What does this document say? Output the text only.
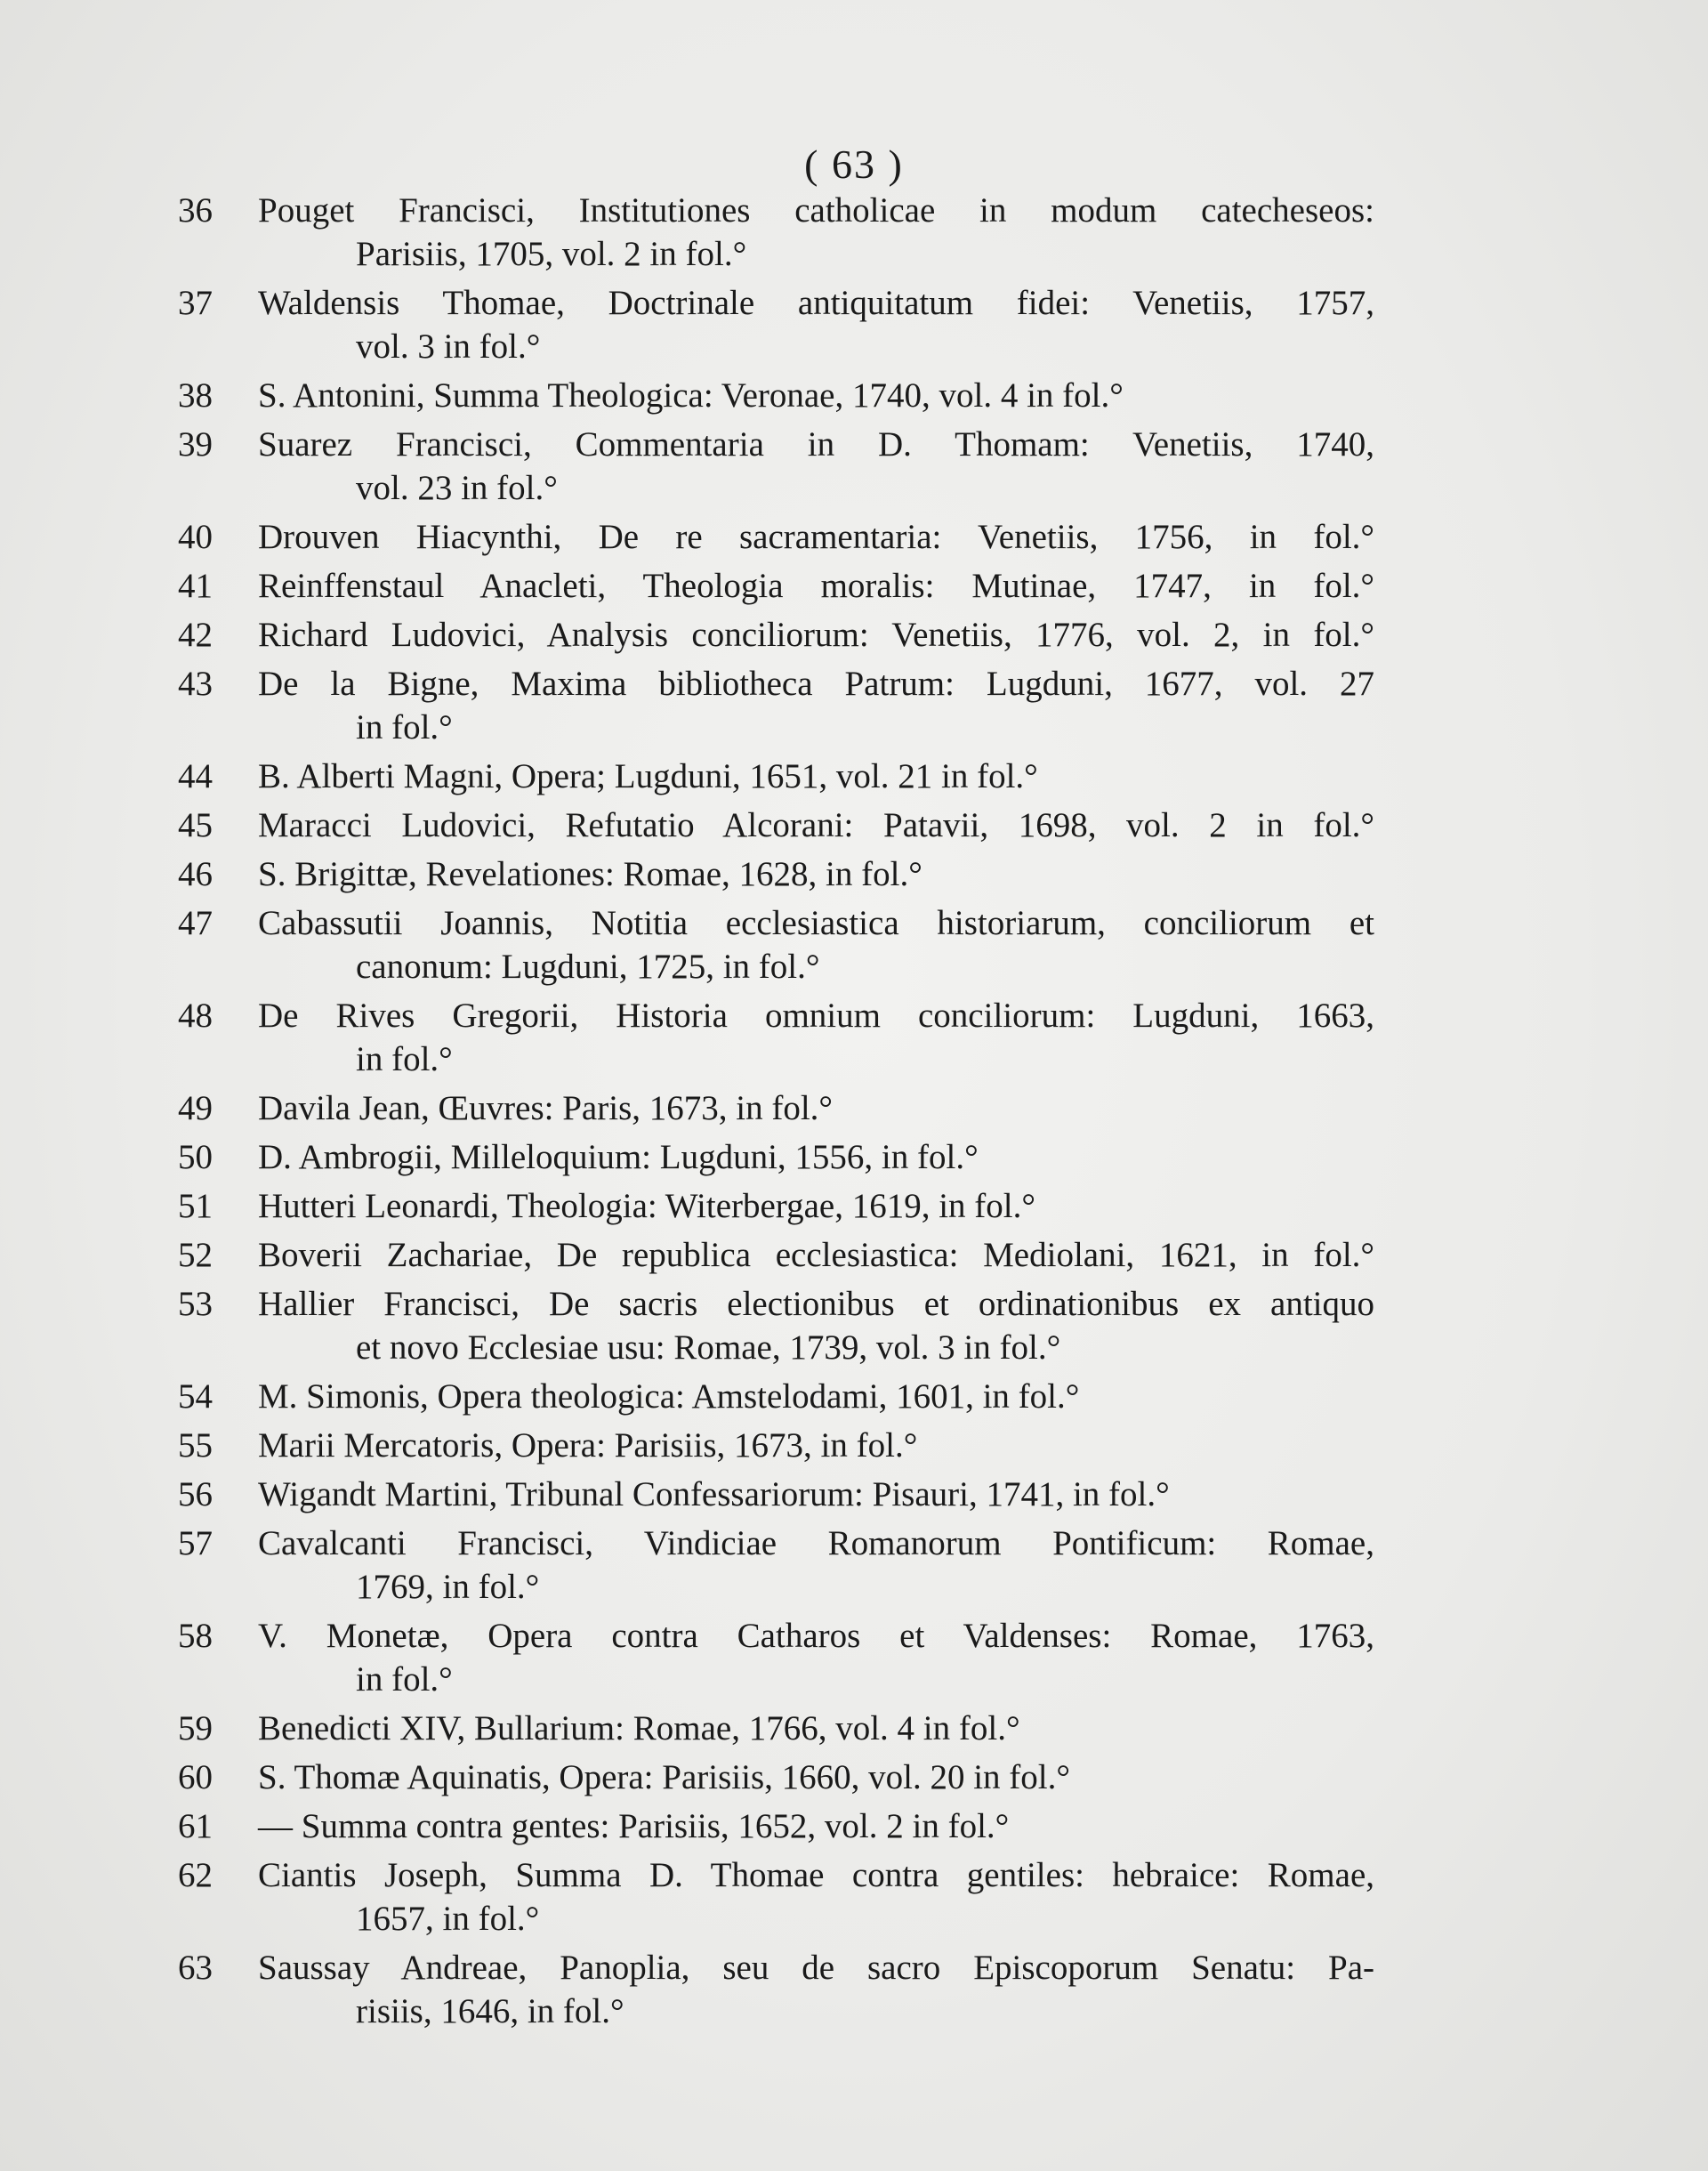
( 63 )
36	Pouget Francisci, Institutiones catholicae in modum catecheseos:
Parisiis, 1705, vol. 2 in fol.°
37	Waldensis Thomae, Doctrinale antiquitatum fidei: Venetiis, 1757,
vol. 3 in fol.°
38	S. Antonini, Summa Theologica: Veronae, 1740, vol. 4 in fol.°
39	Suarez Francisci, Commentaria in D. Thomam: Venetiis, 1740,
vol. 23 in fol.°
40	Drouven Hiacynthi, De re sacramentaria: Venetiis, 1756, in fol.°
41	Reinffenstaul Anacleti, Theologia moralis: Mutinae, 1747, in fol.°
42	Richard Ludovici, Analysis conciliorum: Venetiis, 1776, vol. 2, in fol.°
43	De la Bigne, Maxima bibliotheca Patrum: Lugduni, 1677, vol. 27
in fol.°
44	B. Alberti Magni, Opera; Lugduni, 1651, vol. 21 in fol.°
45	Maracci Ludovici, Refutatio Alcorani: Patavii, 1698, vol. 2 in fol.°
46	S. Brigittæ, Revelationes: Romae, 1628, in fol.°
47	Cabassutii Joannis, Notitia ecclesiastica historiarum, conciliorum et
canonum: Lugduni, 1725, in fol.°
48	De Rives Gregorii, Historia omnium conciliorum: Lugduni, 1663,
in fol.°
49	Davila Jean, Œuvres: Paris, 1673, in fol.°
50	D. Ambrogii, Milleloquium: Lugduni, 1556, in fol.°
51	Hutteri Leonardi, Theologia: Witerbergae, 1619, in fol.°
52	Boverii Zachariae, De republica ecclesiastica: Mediolani, 1621, in fol.°
53	Hallier Francisci, De sacris electionibus et ordinationibus ex antiquo
et novo Ecclesiae usu: Romae, 1739, vol. 3 in fol.°
54	M. Simonis, Opera theologica: Amstelodami, 1601, in fol.°
55	Marii Mercatoris, Opera: Parisiis, 1673, in fol.°
56	Wigandt Martini, Tribunal Confessariorum: Pisauri, 1741, in fol.°
57	Cavalcanti Francisci, Vindiciae Romanorum Pontificum: Romae,
1769, in fol.°
58	V. Monetæ, Opera contra Catharos et Valdenses: Romae, 1763,
in fol.°
59	Benedicti XIV, Bullarium: Romae, 1766, vol. 4 in fol.°
60	S. Thomæ Aquinatis, Opera: Parisiis, 1660, vol. 20 in fol.°
61	— Summa contra gentes: Parisiis, 1652, vol. 2 in fol.°
62	Ciantis Joseph, Summa D. Thomae contra gentiles: hebraice: Romae,
1657, in fol.°
63	Saussay Andreae, Panoplia, seu de sacro Episcoporum Senatu: Pa-
risiis, 1646, in fol.°
